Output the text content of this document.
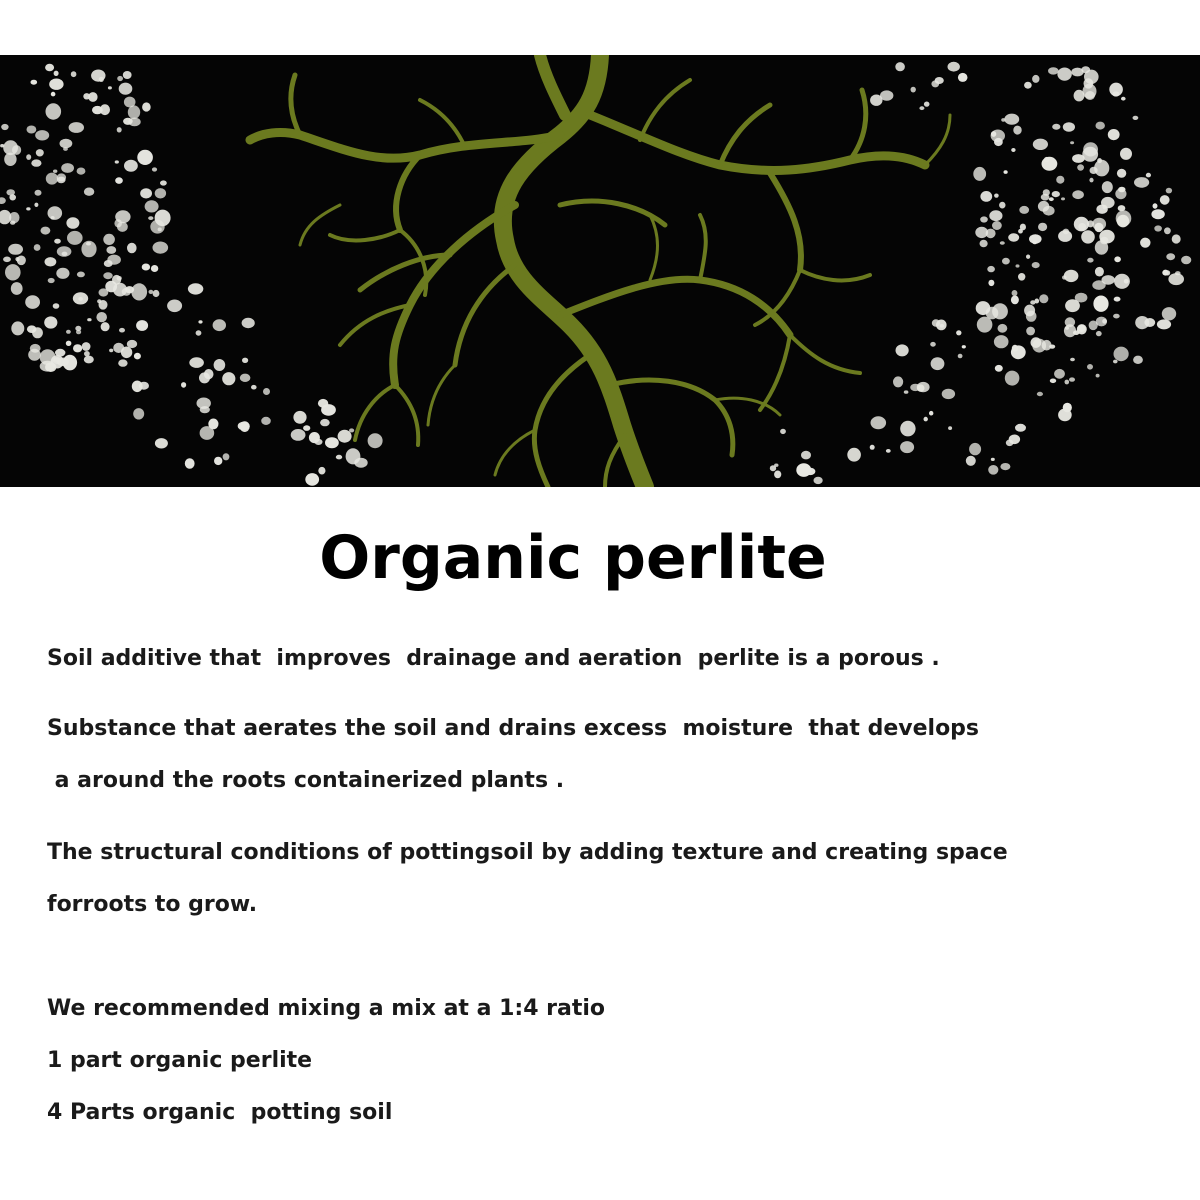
Organic perlite

Soil additive that  improves  drainage and aeration  perlite is a porous .

Substance that aerates the soil and drains excess  moisture  that develops

a around the roots containerized plants .

The structural conditions of pottingsoil by adding texture and creating space

forroots to grow.

We recommended mixing a mix at a 1:4 ratio

1 part organic perlite

4 Parts organic  potting soil
